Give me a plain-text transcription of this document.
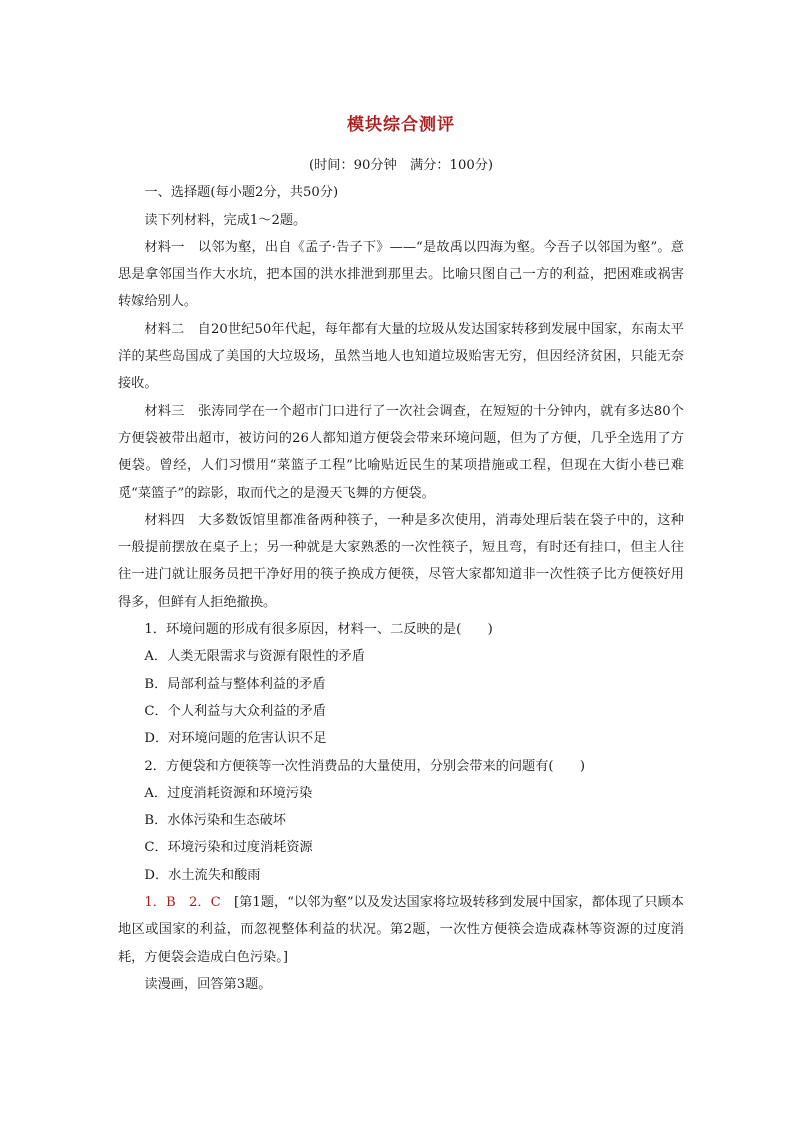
模块综合测评

(时间：90分钟　满分：100分)

一、选择题(每小题2分，共50分)

读下列材料，完成1～2题。

材料一　以邻为壑，出自《孟子·告子下》——“是故禹以四海为壑。今吾子以邻国为壑”。意思是拿邻国当作大水坑，把本国的洪水排泄到那里去。比喻只图自己一方的利益，把困难或祸害转嫁给别人。

材料二　自20世纪50年代起，每年都有大量的垃圾从发达国家转移到发展中国家，东南太平洋的某些岛国成了美国的大垃圾场，虽然当地人也知道垃圾贻害无穷，但因经济贫困，只能无奈接收。

材料三　张涛同学在一个超市门口进行了一次社会调查，在短短的十分钟内，就有多达80个方便袋被带出超市，被访问的26人都知道方便袋会带来环境问题，但为了方便，几乎全选用了方便袋。曾经，人们习惯用“菜篮子工程”比喻贴近民生的某项措施或工程，但现在大街小巷已难觅“菜篮子”的踪影，取而代之的是漫天飞舞的方便袋。

材料四　大多数饭馆里都准备两种筷子，一种是多次使用，消毒处理后装在袋子中的，这种一般提前摆放在桌子上；另一种就是大家熟悉的一次性筷子，短且弯，有时还有挂口，但主人往往一进门就让服务员把干净好用的筷子换成方便筷，尽管大家都知道非一次性筷子比方便筷好用得多，但鲜有人拒绝撤换。

1．环境问题的形成有很多原因，材料一、二反映的是(　　)

A．人类无限需求与资源有限性的矛盾

B．局部利益与整体利益的矛盾

C．个人利益与大众利益的矛盾

D．对环境问题的危害认识不足

2．方便袋和方便筷等一次性消费品的大量使用，分别会带来的问题有(　　)

A．过度消耗资源和环境污染

B．水体污染和生态破坏

C．环境污染和过度消耗资源

D．水土流失和酸雨

1．B　2．C　 [第1题，“以邻为壑”以及发达国家将垃圾转移到发展中国家，都体现了只顾本地区或国家的利益，而忽视整体利益的状况。第2题，一次性方便筷会造成森林等资源的过度消耗，方便袋会造成白色污染。]

读漫画，回答第3题。
